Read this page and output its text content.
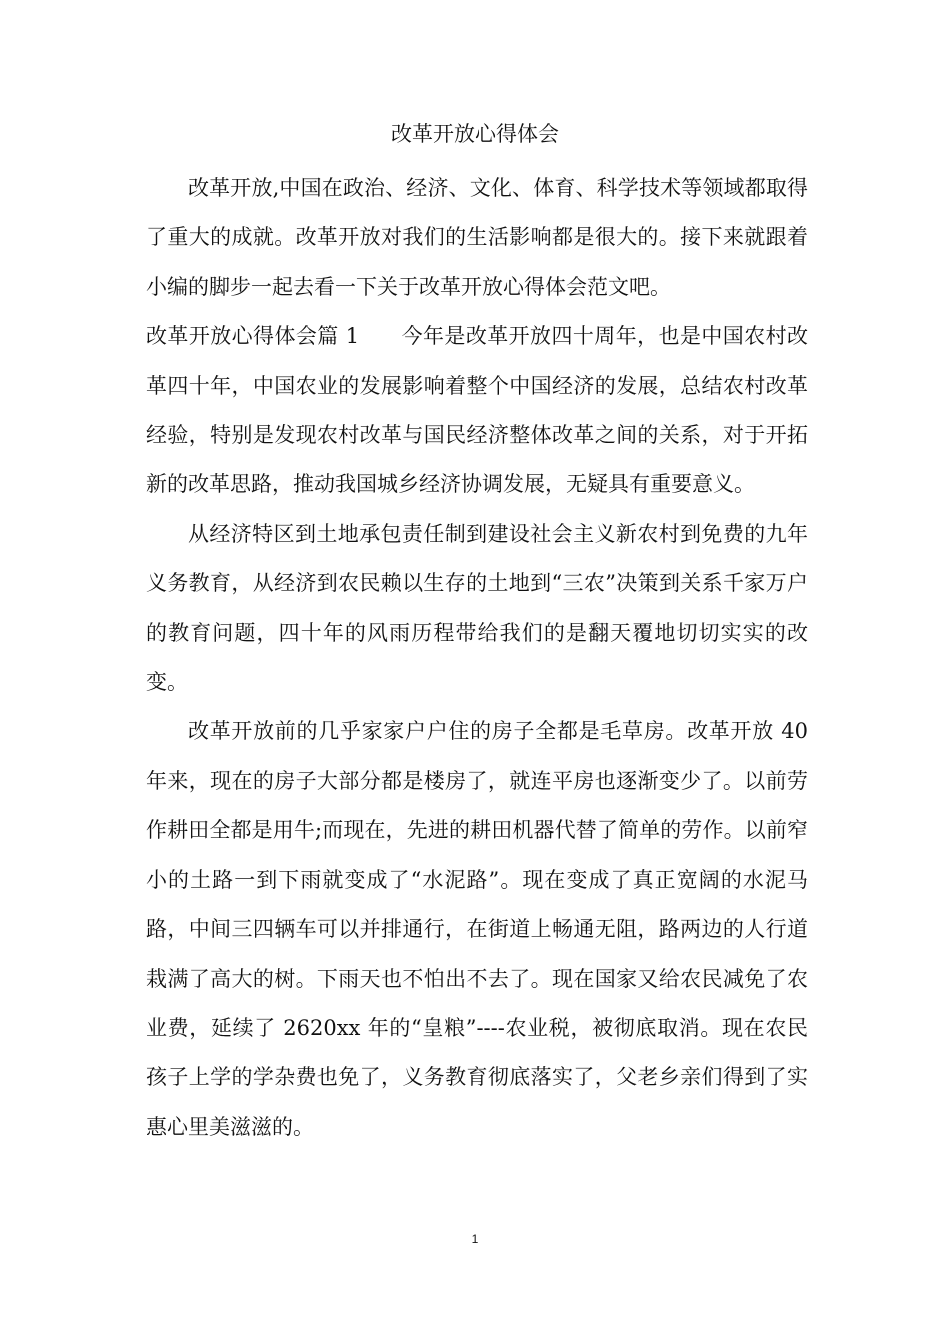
改革开放心得体会

改革开放,中国在政治、经济、文化、体育、科学技术等领域都取得了重大的成就。改革开放对我们的生活影响都是很大的。接下来就跟着小编的脚步一起去看一下关于改革开放心得体会范文吧。

改革开放心得体会篇 1 今年是改革开放四十周年，也是中国农村改革四十年，中国农业的发展影响着整个中国经济的发展，总结农村改革经验，特别是发现农村改革与国民经济整体改革之间的关系，对于开拓新的改革思路，推动我国城乡经济协调发展，无疑具有重要意义。

从经济特区到土地承包责任制到建设社会主义新农村到免费的九年义务教育，从经济到农民赖以生存的土地到“三农”决策到关系千家万户的教育问题，四十年的风雨历程带给我们的是翻天覆地切切实实的改变。

改革开放前的几乎家家户户住的房子全都是毛草房。改革开放 40 年来，现在的房子大部分都是楼房了，就连平房也逐渐变少了。以前劳作耕田全都是用牛;而现在，先进的耕田机器代替了简单的劳作。以前窄小的土路一到下雨就变成了“水泥路”。现在变成了真正宽阔的水泥马路，中间三四辆车可以并排通行，在街道上畅通无阻，路两边的人行道栽满了高大的树。下雨天也不怕出不去了。现在国家又给农民减免了农业费，延续了 2620xx 年的“皇粮”----农业税，被彻底取消。现在农民孩子上学的学杂费也免了，义务教育彻底落实了，父老乡亲们得到了实惠心里美滋滋的。

1
